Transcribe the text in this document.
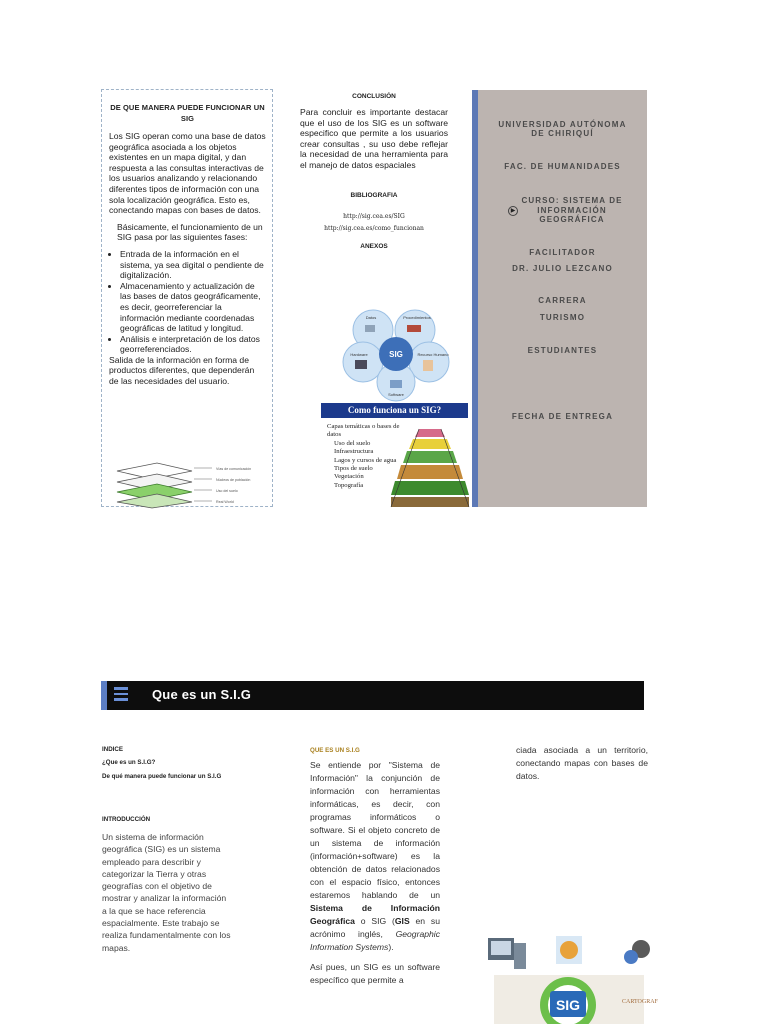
DE QUE MANERA PUEDE FUNCIONAR UN SIG

Los SIG operan como una base de datos geográfica asociada a los objetos existentes en un mapa digital, y dan respuesta a las consultas interactivas de los usuarios analizando y relacionando diferentes tipos de información con una sola localización geográfica. Esto es, conectando mapas con bases de datos.

Básicamente, el funcionamiento de un SIG pasa por las siguientes fases:

• Entrada de la información en el sistema, ya sea digital o pendiente de digitalización.
• Almacenamiento y actualización de las bases de datos geográficamente, es decir, georreferenciar la información mediante coordenadas geográficas de latitud y longitud.
• Análisis e interpretación de los datos georreferenciados.

Salida de la información en forma de productos diferentes, que dependerán de las necesidades del usuario.

Vías de comunicación
Núcleos de población
Uso del suelo
Real World
CONCLUSIÓN

Para concluir es importante destacar que el uso de los SIG es un software especifico que permite a los usuarios crear consultas , su uso debe reflejar la necesidad de una herramienta para el manejo de datos espaciales

BIBLIOGRAFIA
http://sig.cea.es/SIG
http://sig.cea.es/como_funcionan
ANEXOS
SIG
Datos	Procedimientos
Hardware	Recurso Humano
Software
Como funciona un SIG?
Capas temáticas o bases de datos
Uso del suelo
Infraestructura
Lagos y cursos de agua
Tipos de suelo
Vegetación
Topografía
UNIVERSIDAD AUTÓNOMA
DE CHIRIQUÍ
FAC. DE HUMANIDADES
▶
CURSO: SISTEMA DE
INFORMACIÓN
GEOGRÁFICA
FACILITADOR
DR. JULIO LEZCANO
CARRERA
TURISMO
ESTUDIANTES
FECHA DE ENTREGA
Que es un S.I.G

INDICE

¿Que es un S.I.G?

De qué manera puede funcionar un S.I.G

INTRODUCCIÓN

Un sistema de información geográfica (SIG) es un sistema empleado para describir y categorizar la Tierra y otras geografías con el objetivo de mostrar y analizar la información a la que se hace referencia espacialmente. Este trabajo se realiza fundamentalmente con los mapas.

QUE ES UN S.I.G

Se entiende por "Sistema de Información" la conjunción de información con herramientas informáticas, es decir, con programas informáticos o software. Si el objeto concreto de un sistema de información (información+software) es la obtención de datos relacionados con el espacio físico, entonces estaremos hablando de un Sistema de Información Geográfica o SIG (GIS en su acrónimo inglés, Geographic Information Systems).

Así pues, un SIG es un software específico que permite a

ciada asociada a un territorio, conectando mapas con bases de datos.
SIG	CARTOGRAF
